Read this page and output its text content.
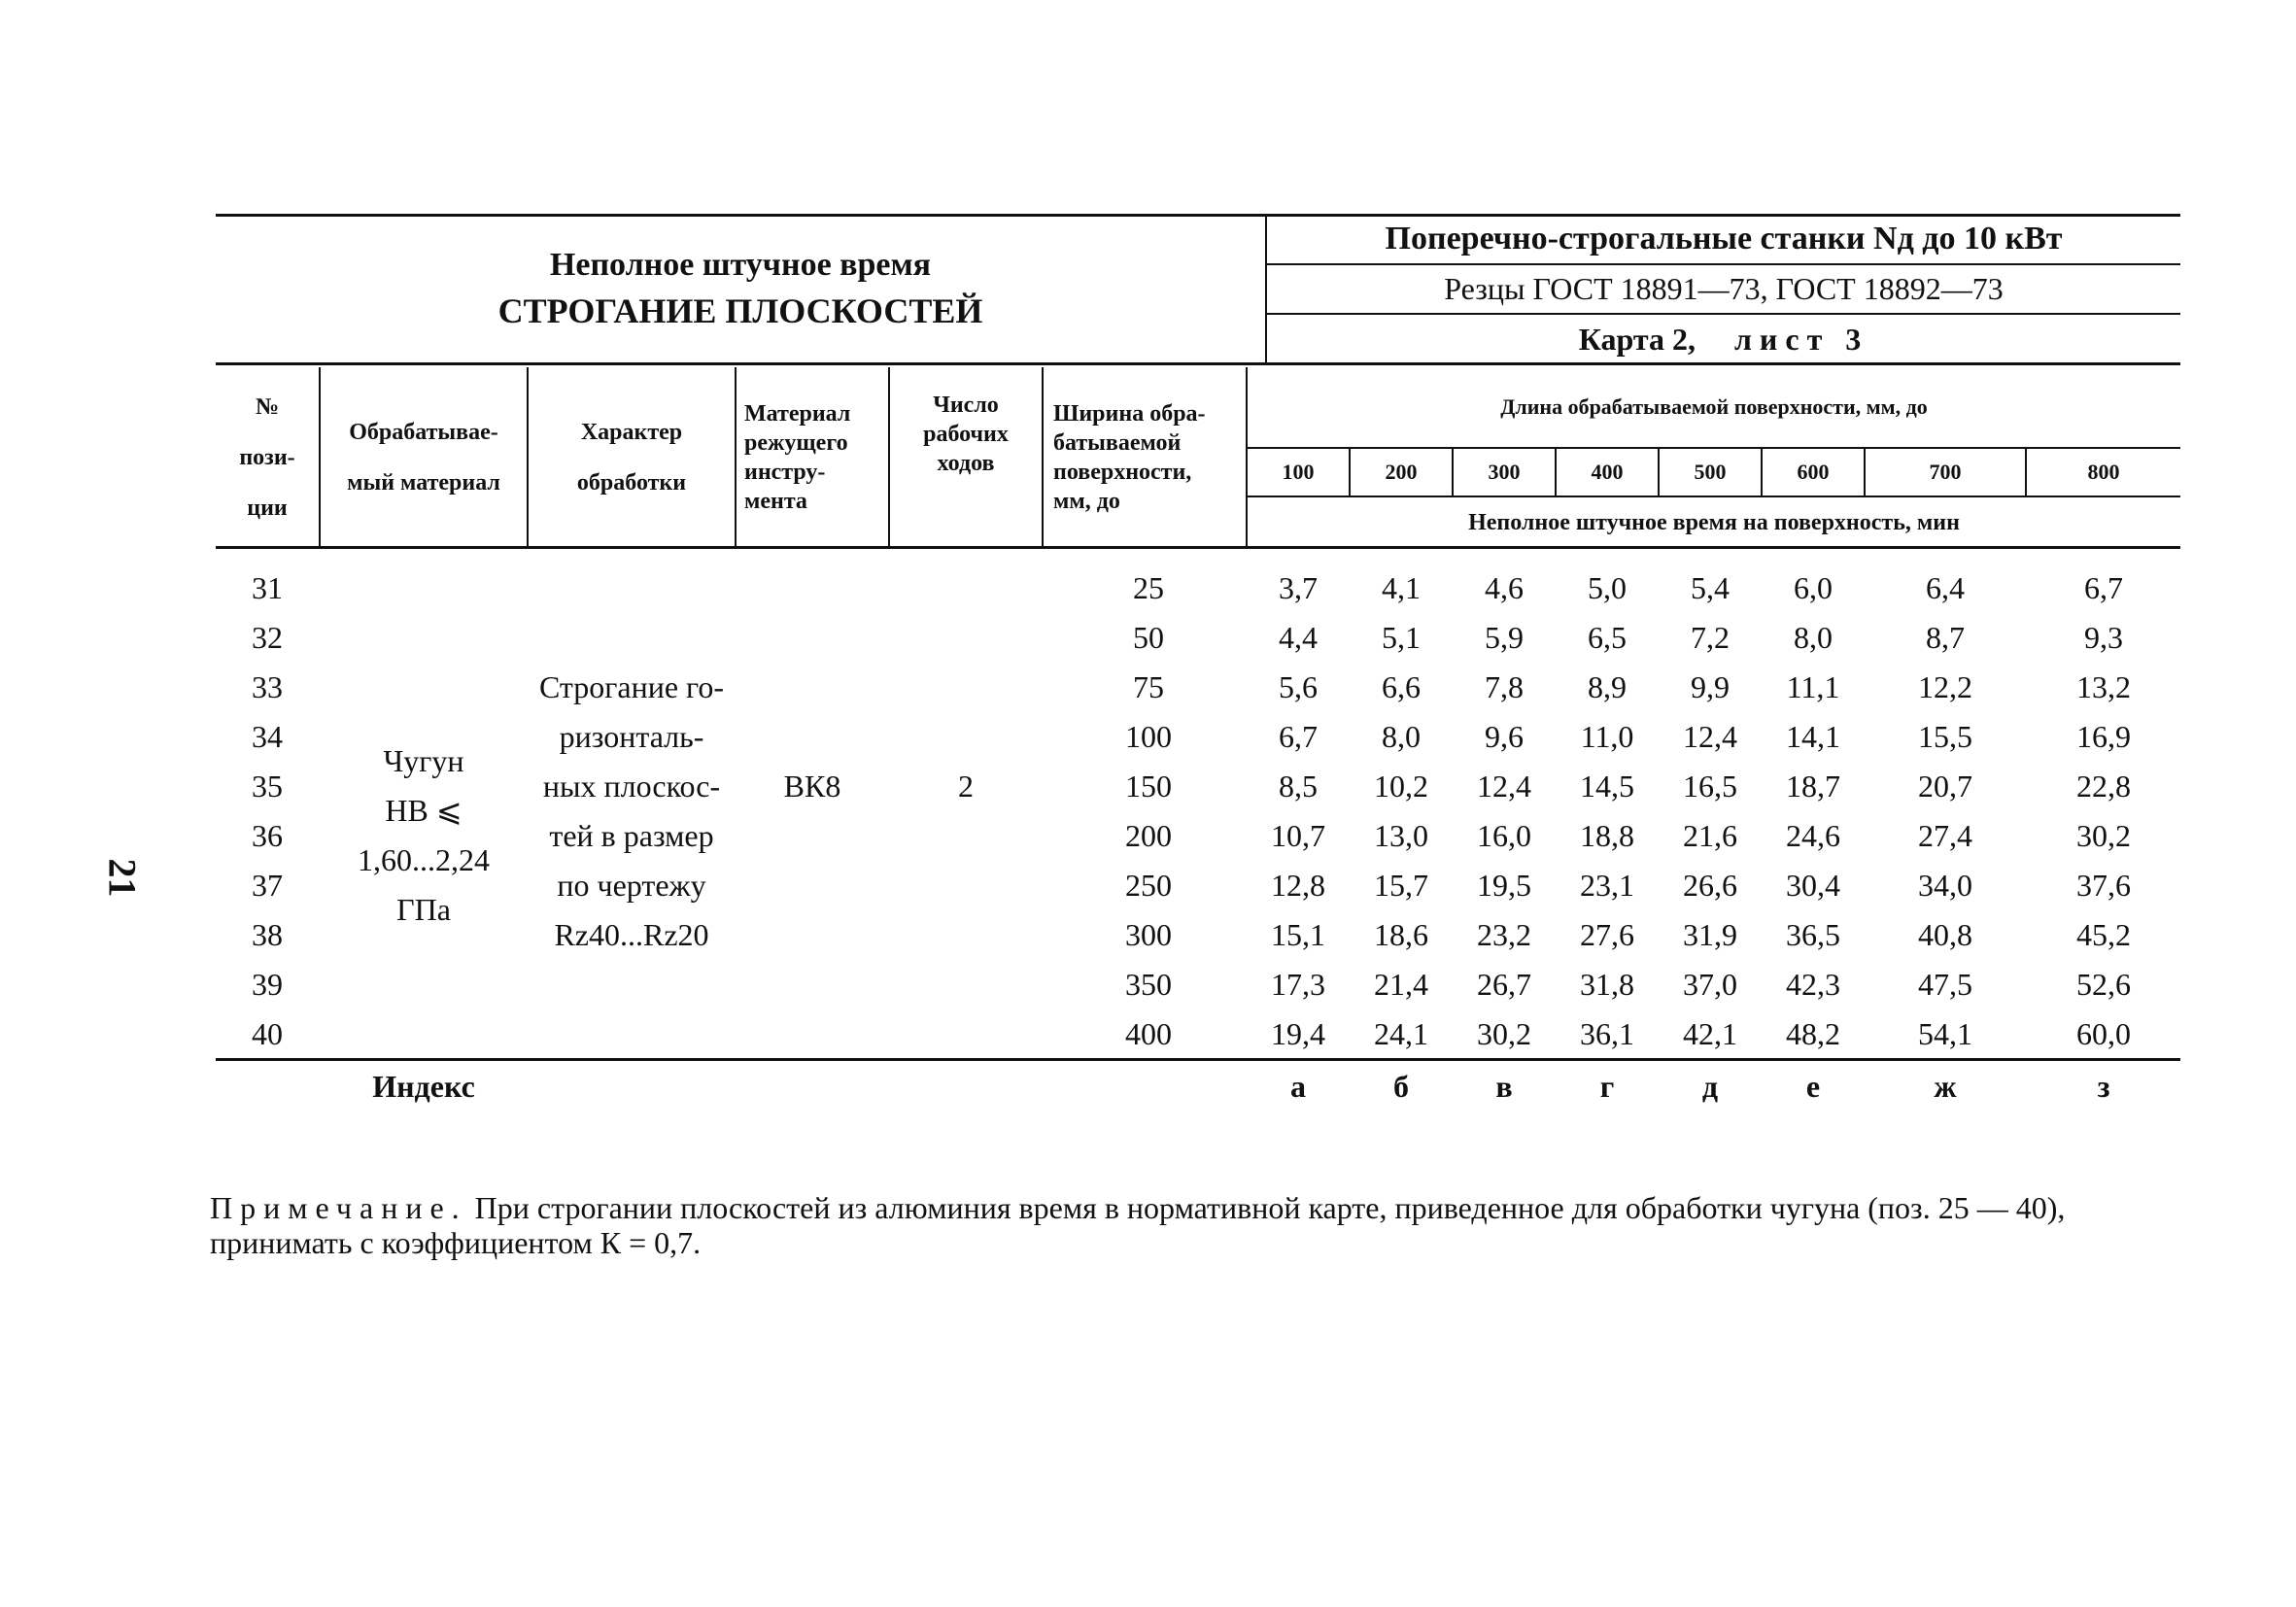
21
Неполное штучное время
СТРОГАНИЕ ПЛОСКОСТЕЙ
Поперечно-строгальные станки Nд до 10 кВт
Резцы ГОСТ 18891—73, ГОСТ 18892—73
Карта 2, лист 3
№
пози-
ции
Обрабатывае-
мый материал
Характер
обработки
Материал
режущего
инстру-
мента
Число
рабочих
ходов
Ширина обра-
батываемой
поверхности,
мм, до
Длина обрабатываемой поверхности, мм, до
100	200	300	400	500	600	700	800
Неполное штучное время на поверхность, мин
Чугун
НВ ⩽
1,60...2,24
ГПа
Строгание го-
ризонталь-
ных плоскос-
тей в размер
по чертежу
Rz40...Rz20
ВК8	2
31	25	3,7	4,1	4,6	5,0	5,4	6,0	6,4	6,7
32	50	4,4	5,1	5,9	6,5	7,2	8,0	8,7	9,3
33	75	5,6	6,6	7,8	8,9	9,9	11,1	12,2	13,2
34	100	6,7	8,0	9,6	11,0	12,4	14,1	15,5	16,9
35	150	8,5	10,2	12,4	14,5	16,5	18,7	20,7	22,8
36	200	10,7	13,0	16,0	18,8	21,6	24,6	27,4	30,2
37	250	12,8	15,7	19,5	23,1	26,6	30,4	34,0	37,6
38	300	15,1	18,6	23,2	27,6	31,9	36,5	40,8	45,2
39	350	17,3	21,4	26,7	31,8	37,0	42,3	47,5	52,6
40	400	19,4	24,1	30,2	36,1	42,1	48,2	54,1	60,0
Индекс	а	б	в	г	д	е	ж	з
Примечание. При строгании плоскостей из алюминия время в нормативной карте, приведенное для обработки чугуна (поз. 25 — 40), принимать с коэффициентом К = 0,7.
